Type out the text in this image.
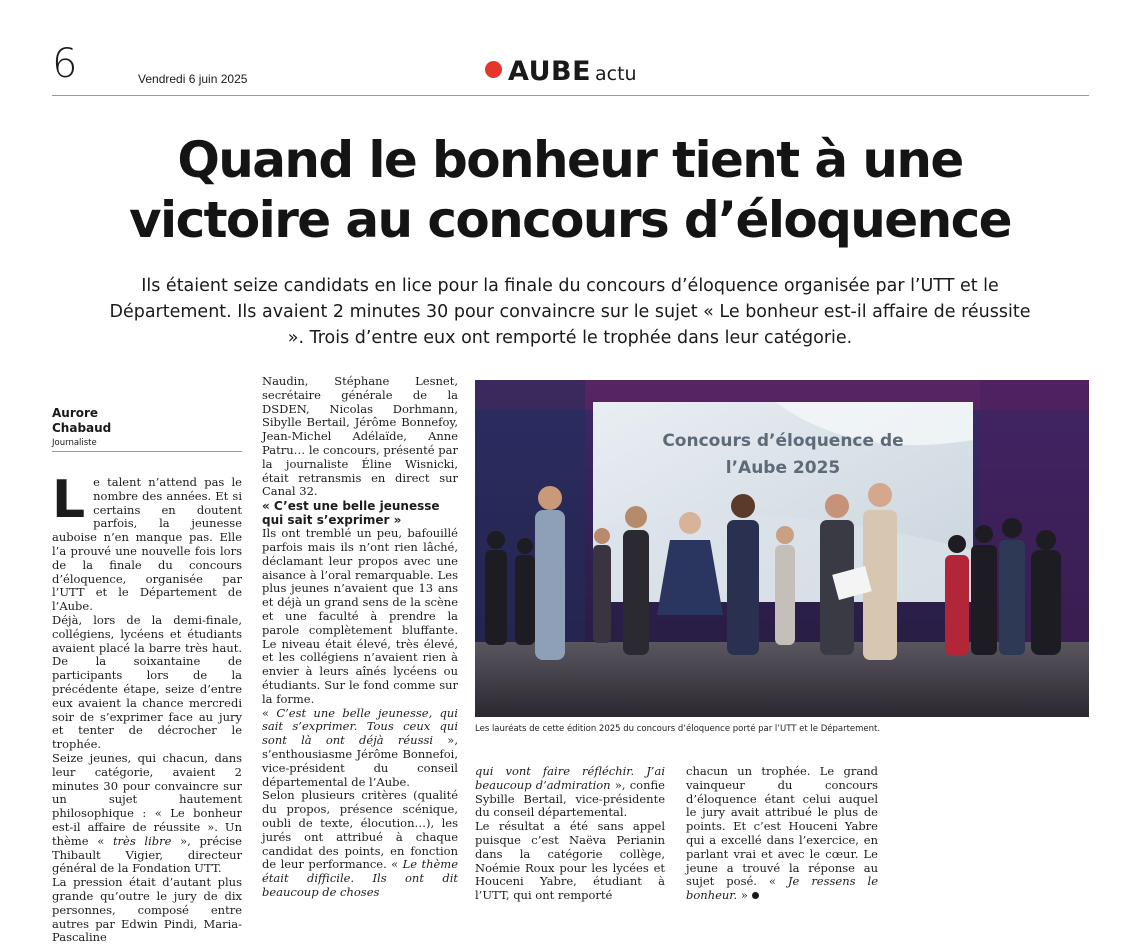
6	Vendredi 6 juin 2025	AUBE actu
Quand le bonheur tient à une
victoire au concours d’éloquence
Ils étaient seize candidats en lice pour la finale du concours d’éloquence organisée par l’UTT et le Département. Ils avaient 2 minutes 30 pour convaincre sur le sujet « Le bonheur est-il affaire de réussite ». Trois d’entre eux ont remporté le trophée dans leur catégorie.
Aurore
Chabaud
Journaliste

Le talent n’attend pas le nombre des années. Et si certains en doutent parfois, la jeunesse auboise n’en manque pas. Elle l’a prouvé une nouvelle fois lors de la finale du concours d’éloquence, organisée par l’UTT et le Département de l’Aube.

Déjà, lors de la demi-finale, collégiens, lycéens et étudiants avaient placé la barre très haut. De la soixantaine de participants lors de la précédente étape, seize d’entre eux avaient la chance mercredi soir de s’exprimer face au jury et tenter de décrocher le trophée.

Seize jeunes, qui chacun, dans leur catégorie, avaient 2 minutes 30 pour convaincre sur un sujet hautement philosophique : « Le bonheur est-il affaire de réussite ». Un thème « très libre », précise Thibault Vigier, directeur général de la Fondation UTT.

La pression était d’autant plus grande qu’outre le jury de dix personnes, composé entre autres par Edwin Pindi, Maria-Pascaline

Naudin, Stéphane Lesnet, secrétaire générale de la DSDEN, Nicolas Dorhmann, Sibylle Bertail, Jérôme Bonnefoy, Jean-Michel Adélaïde, Anne Patru… le concours, présenté par la journaliste Éline Wisnicki, était retransmis en direct sur Canal 32.

« C’est une belle jeunesse qui sait s’exprimer »

Ils ont tremblé un peu, bafouillé parfois mais ils n’ont rien lâché, déclamant leur propos avec une aisance à l’oral remarquable. Les plus jeunes n’avaient que 13 ans et déjà un grand sens de la scène et une faculté à prendre la parole complètement bluffante. Le niveau était élevé, très élevé, et les collégiens n’avaient rien à envier à leurs aînés lycéens ou étudiants. Sur le fond comme sur la forme.

« C’est une belle jeunesse, qui sait s’exprimer. Tous ceux qui sont là ont déjà réussi », s’enthousiasme Jérôme Bonnefoi, vice-président du conseil départemental de l’Aube.

Selon plusieurs critères (qualité du propos, présence scénique, oubli de texte, élocution…), les jurés ont attribué à chaque candidat des points, en fonction de leur performance. « Le thème était difficile. Ils ont dit beaucoup de choses

Concours d’éloquence de
l’Aube 2025
Les lauréats de cette édition 2025 du concours d’éloquence porté par l’UTT et le Département.

qui vont faire réfléchir. J’ai beaucoup d’admiration », confie Sybille Bertail, vice-présidente du conseil départemental.

Le résultat a été sans appel puisque c’est Naëva Perianin dans la catégorie collège, Noémie Roux pour les lycées et Houceni Yabre, étudiant à l’UTT, qui ont remporté

chacun un trophée. Le grand vainqueur du concours d’éloquence étant celui auquel le jury avait attribué le plus de points. Et c’est Houceni Yabre qui a excellé dans l’exercice, en parlant vrai et avec le cœur. Le jeune a trouvé la réponse au sujet posé. « Je ressens le bonheur. »
